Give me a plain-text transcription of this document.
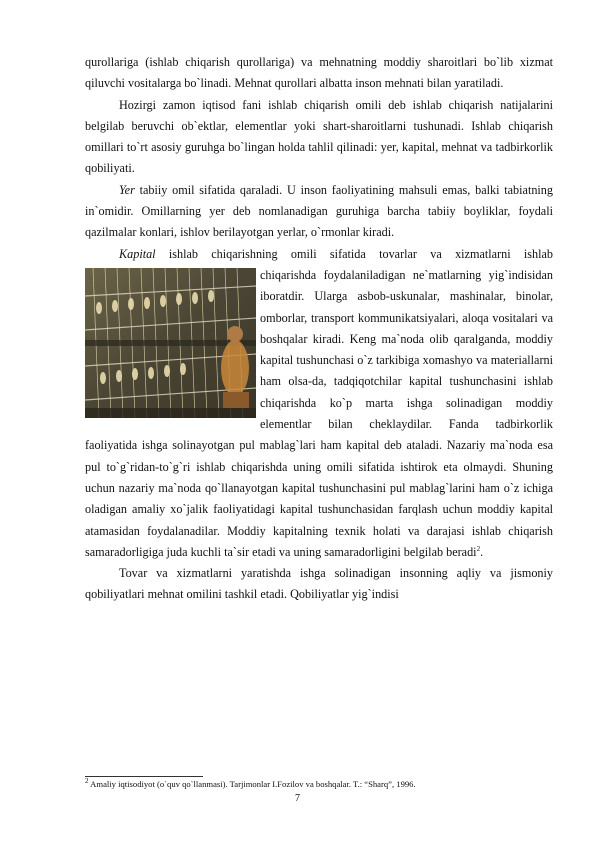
qurollariga (ishlab chiqarish qurollariga) va mehnatning moddiy sharoitlari bo`lib xizmat qiluvchi vositalarga bo`linadi. Mehnat qurollari albatta inson mehnati bilan yaratiladi.

Hozirgi zamon iqtisod fani ishlab chiqarish omili deb ishlab chiqarish natijalarini belgilab beruvchi ob`ektlar, elementlar yoki shart-sharoitlarni tushunadi. Ishlab chiqarish omillari to`rt asosiy guruhga bo`lingan holda tahlil qilinadi: yer, kapital, mehnat va tadbirkorlik qobiliyati.

Yer tabiiy omil sifatida qaraladi. U inson faoliyatining mahsuli emas, balki tabiatning in`omidir. Omillarning yer deb nomlanadigan guruhiga barcha tabiiy boyliklar, foydali qazilmalar konlari, ishlov berilayotgan yerlar, o`rmonlar kiradi.

Kapital ishlab chiqarishning omili sifatida tovarlar va xizmatlarni ishlab

chiqarishda foydalaniladigan ne`matlarning yig`indisidan iboratdir. Ularga asbob-uskunalar, mashinalar, binolar, omborlar, transport kommunikatsiyalari, aloqa vositalari va boshqalar kiradi. Keng ma`noda olib qaralganda, moddiy kapital tushunchasi o`z tarkibiga xomashyo va materiallarni ham olsa-da, tadqiqotchilar kapital tushunchasini ishlab chiqarishda ko`p marta ishga solinadigan moddiy elementlar bilan cheklaydilar. Fanda tadbirkorlik faoliyatida ishga solinayotgan pul mablag`lari ham kapital deb ataladi. Nazariy ma`noda esa pul to`g`ridan-to`g`ri ishlab chiqarishda uning omili sifatida ishtirok eta olmaydi. Shuning uchun nazariy ma`noda qo`llanayotgan kapital tushunchasini pul mablag`larini ham o`z ichiga oladigan amaliy xo`jalik faoliyatidagi kapital tushunchasidan farqlash uchun moddiy kapital atamasidan foydalanadilar. Moddiy kapitalning texnik holati va darajasi ishlab chiqarish samaradorligiga juda kuchli ta`sir etadi va uning samaradorligini belgilab beradi$^2$.

Tovar va xizmatlarni yaratishda ishga solinadigan insonning aqliy va jismoniy qobiliyatlari mehnat omilini tashkil etadi. Qobiliyatlar yig`indisi

$^2$ Amaliy iqtisodiyot (o`quv qo`llanmasi). Tarjimonlar I.Fozilov va boshqalar. T.: “Sharq”, 1996.
7
